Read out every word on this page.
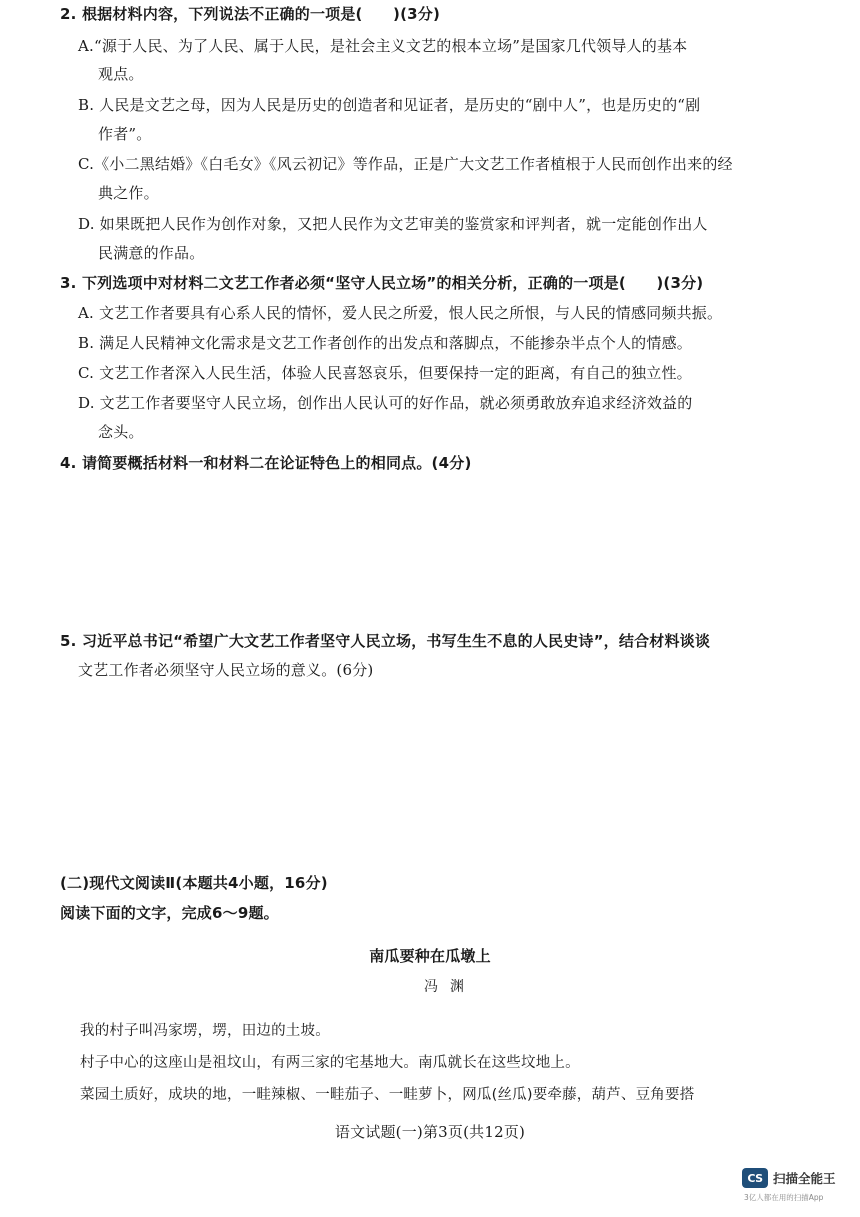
2. 根据材料内容，下列说法不正确的一项是(　　)(3分)
A.“源于人民、为了人民、属于人民，是社会主义文艺的根本立场”是国家几代领导人的基本
观点。
B. 人民是文艺之母，因为人民是历史的创造者和见证者，是历史的“剧中人”，也是历史的“剧
作者”。
C.《小二黑结婚》《白毛女》《风云初记》等作品，正是广大文艺工作者植根于人民而创作出来的经
典之作。
D. 如果既把人民作为创作对象，又把人民作为文艺审美的鉴赏家和评判者，就一定能创作出人
民满意的作品。
3. 下列选项中对材料二文艺工作者必须“坚守人民立场”的相关分析，正确的一项是(　　)(3分)
A. 文艺工作者要具有心系人民的情怀，爱人民之所爱，恨人民之所恨，与人民的情感同频共振。
B. 满足人民精神文化需求是文艺工作者创作的出发点和落脚点，不能掺杂半点个人的情感。
C. 文艺工作者深入人民生活，体验人民喜怒哀乐，但要保持一定的距离，有自己的独立性。
D. 文艺工作者要坚守人民立场，创作出人民认可的好作品，就必须勇敢放弃追求经济效益的
念头。
4. 请简要概括材料一和材料二在论证特色上的相同点。(4分)
5. 习近平总书记“希望广大文艺工作者坚守人民立场，书写生生不息的人民史诗”，结合材料谈谈
文艺工作者必须坚守人民立场的意义。(6分)
(二)现代文阅读Ⅱ(本题共4小题，16分)
阅读下面的文字，完成6～9题。
南瓜要种在瓜墩上
冯渊
我的村子叫冯家塄，塄，田边的土坡。
村子中心的这座山是祖坟山，有两三家的宅基地大。南瓜就长在这些坟地上。
菜园土质好，成块的地，一畦辣椒、一畦茄子、一畦萝卜，网瓜(丝瓜)要牵藤，葫芦、豆角要搭
语文试题(一)第3页(共12页)
CS 扫描全能王
3亿人都在用的扫描App
